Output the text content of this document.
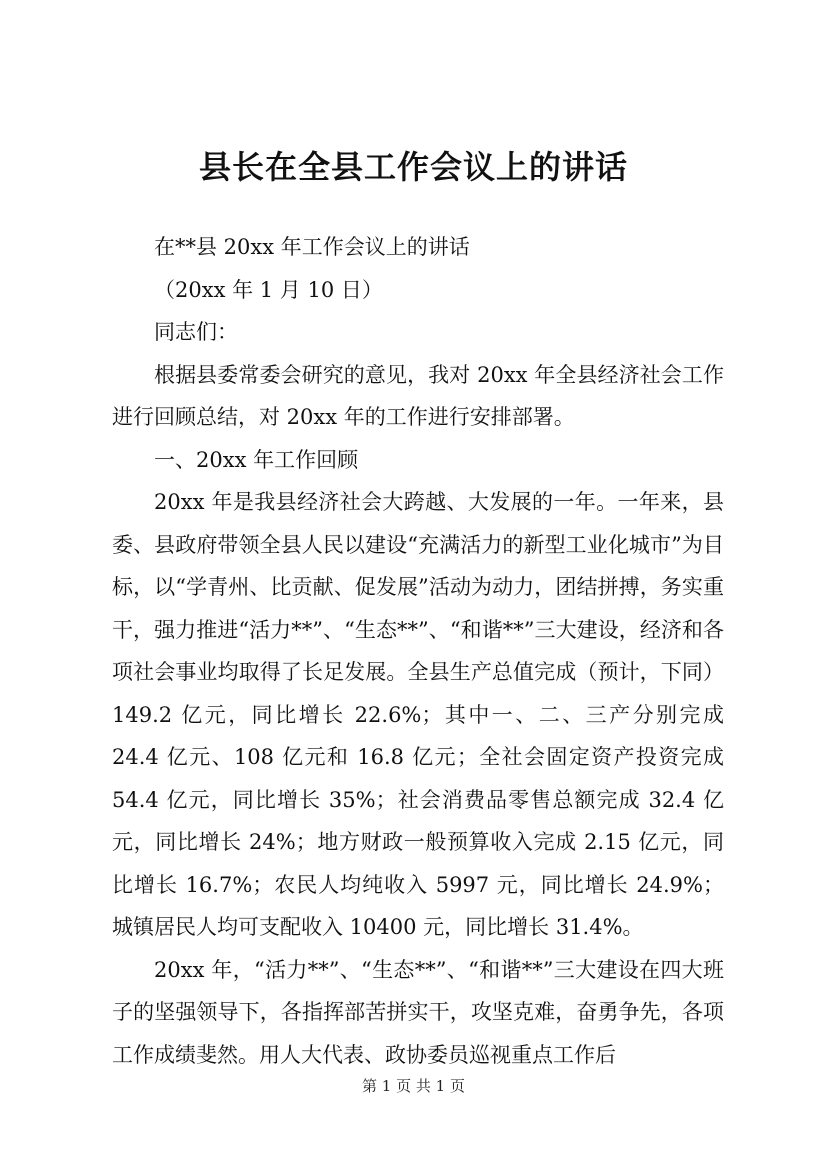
县长在全县工作会议上的讲话

在**县 20xx 年工作会议上的讲话

（20xx 年 1 月 10 日）

同志们：

根据县委常委会研究的意见，我对 20xx 年全县经济社会工作进行回顾总结，对 20xx 年的工作进行安排部署。

一、20xx 年工作回顾

20xx 年是我县经济社会大跨越、大发展的一年。一年来，县委、县政府带领全县人民以建设“充满活力的新型工业化城市”为目标，以“学青州、比贡献、促发展”活动为动力，团结拼搏，务实重干，强力推进“活力**”、“生态**”、“和谐**”三大建设，经济和各项社会事业均取得了长足发展。全县生产总值完成（预计，下同）149.2 亿元，同比增长 22.6%；其中一、二、三产分别完成 24.4 亿元、108 亿元和 16.8 亿元；全社会固定资产投资完成 54.4 亿元，同比增长 35%；社会消费品零售总额完成 32.4 亿元，同比增长 24%；地方财政一般预算收入完成 2.15 亿元，同比增长 16.7%；农民人均纯收入 5997 元，同比增长 24.9%；城镇居民人均可支配收入 10400 元，同比增长 31.4%。

20xx 年，“活力**”、“生态**”、“和谐**”三大建设在四大班子的坚强领导下，各指挥部苦拼实干，攻坚克难，奋勇争先，各项工作成绩斐然。用人大代表、政协委员巡视重点工作后

第 1 页 共 1 页
